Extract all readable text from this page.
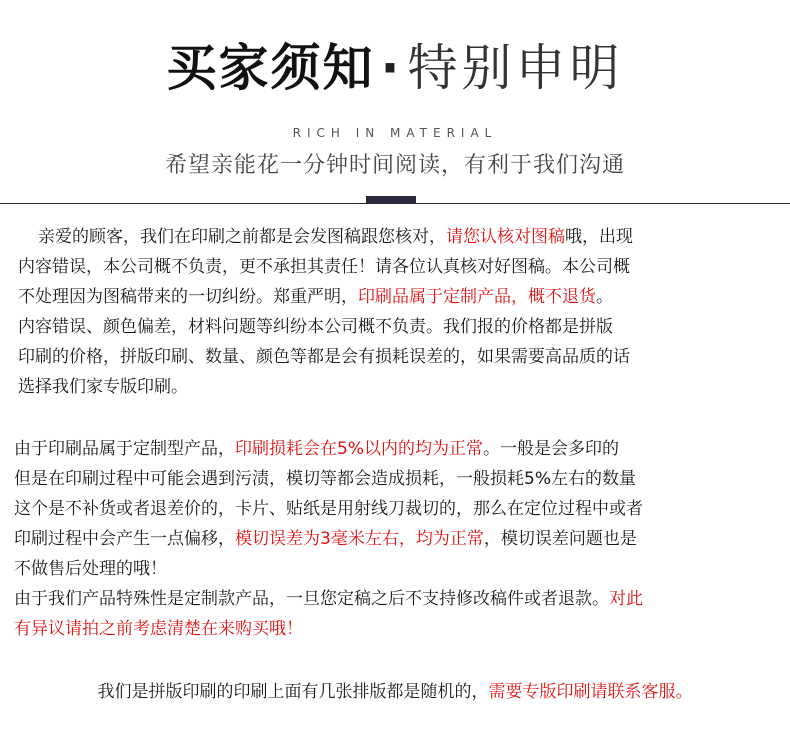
买家须知 · 特别申明
RICH IN MATERIAL
希望亲能花一分钟时间阅读，有利于我们沟通
亲爱的顾客，我们在印刷之前都是会发图稿跟您核对，请您认核对图稿哦，出现
内容错误，本公司概不负责，更不承担其责任！请各位认真核对好图稿。本公司概
不处理因为图稿带来的一切纠纷。郑重严明，印刷品属于定制产品，概不退货。
内容错误、颜色偏差，材料问题等纠纷本公司概不负责。我们报的价格都是拼版
印刷的价格，拼版印刷、数量、颜色等都是会有损耗误差的，如果需要高品质的话
选择我们家专版印刷。
由于印刷品属于定制型产品，印刷损耗会在5%以内的均为正常。一般是会多印的
但是在印刷过程中可能会遇到污渍，模切等都会造成损耗，一般损耗5%左右的数量
这个是不补货或者退差价的，卡片、贴纸是用射线刀裁切的，那么在定位过程中或者
印刷过程中会产生一点偏移，模切误差为3毫米左右，均为正常，模切误差问题也是
不做售后处理的哦！
由于我们产品特殊性是定制款产品，一旦您定稿之后不支持修改稿件或者退款。对此
有异议请拍之前考虑清楚在来购买哦！
我们是拼版印刷的印刷上面有几张排版都是随机的，需要专版印刷请联系客服。
